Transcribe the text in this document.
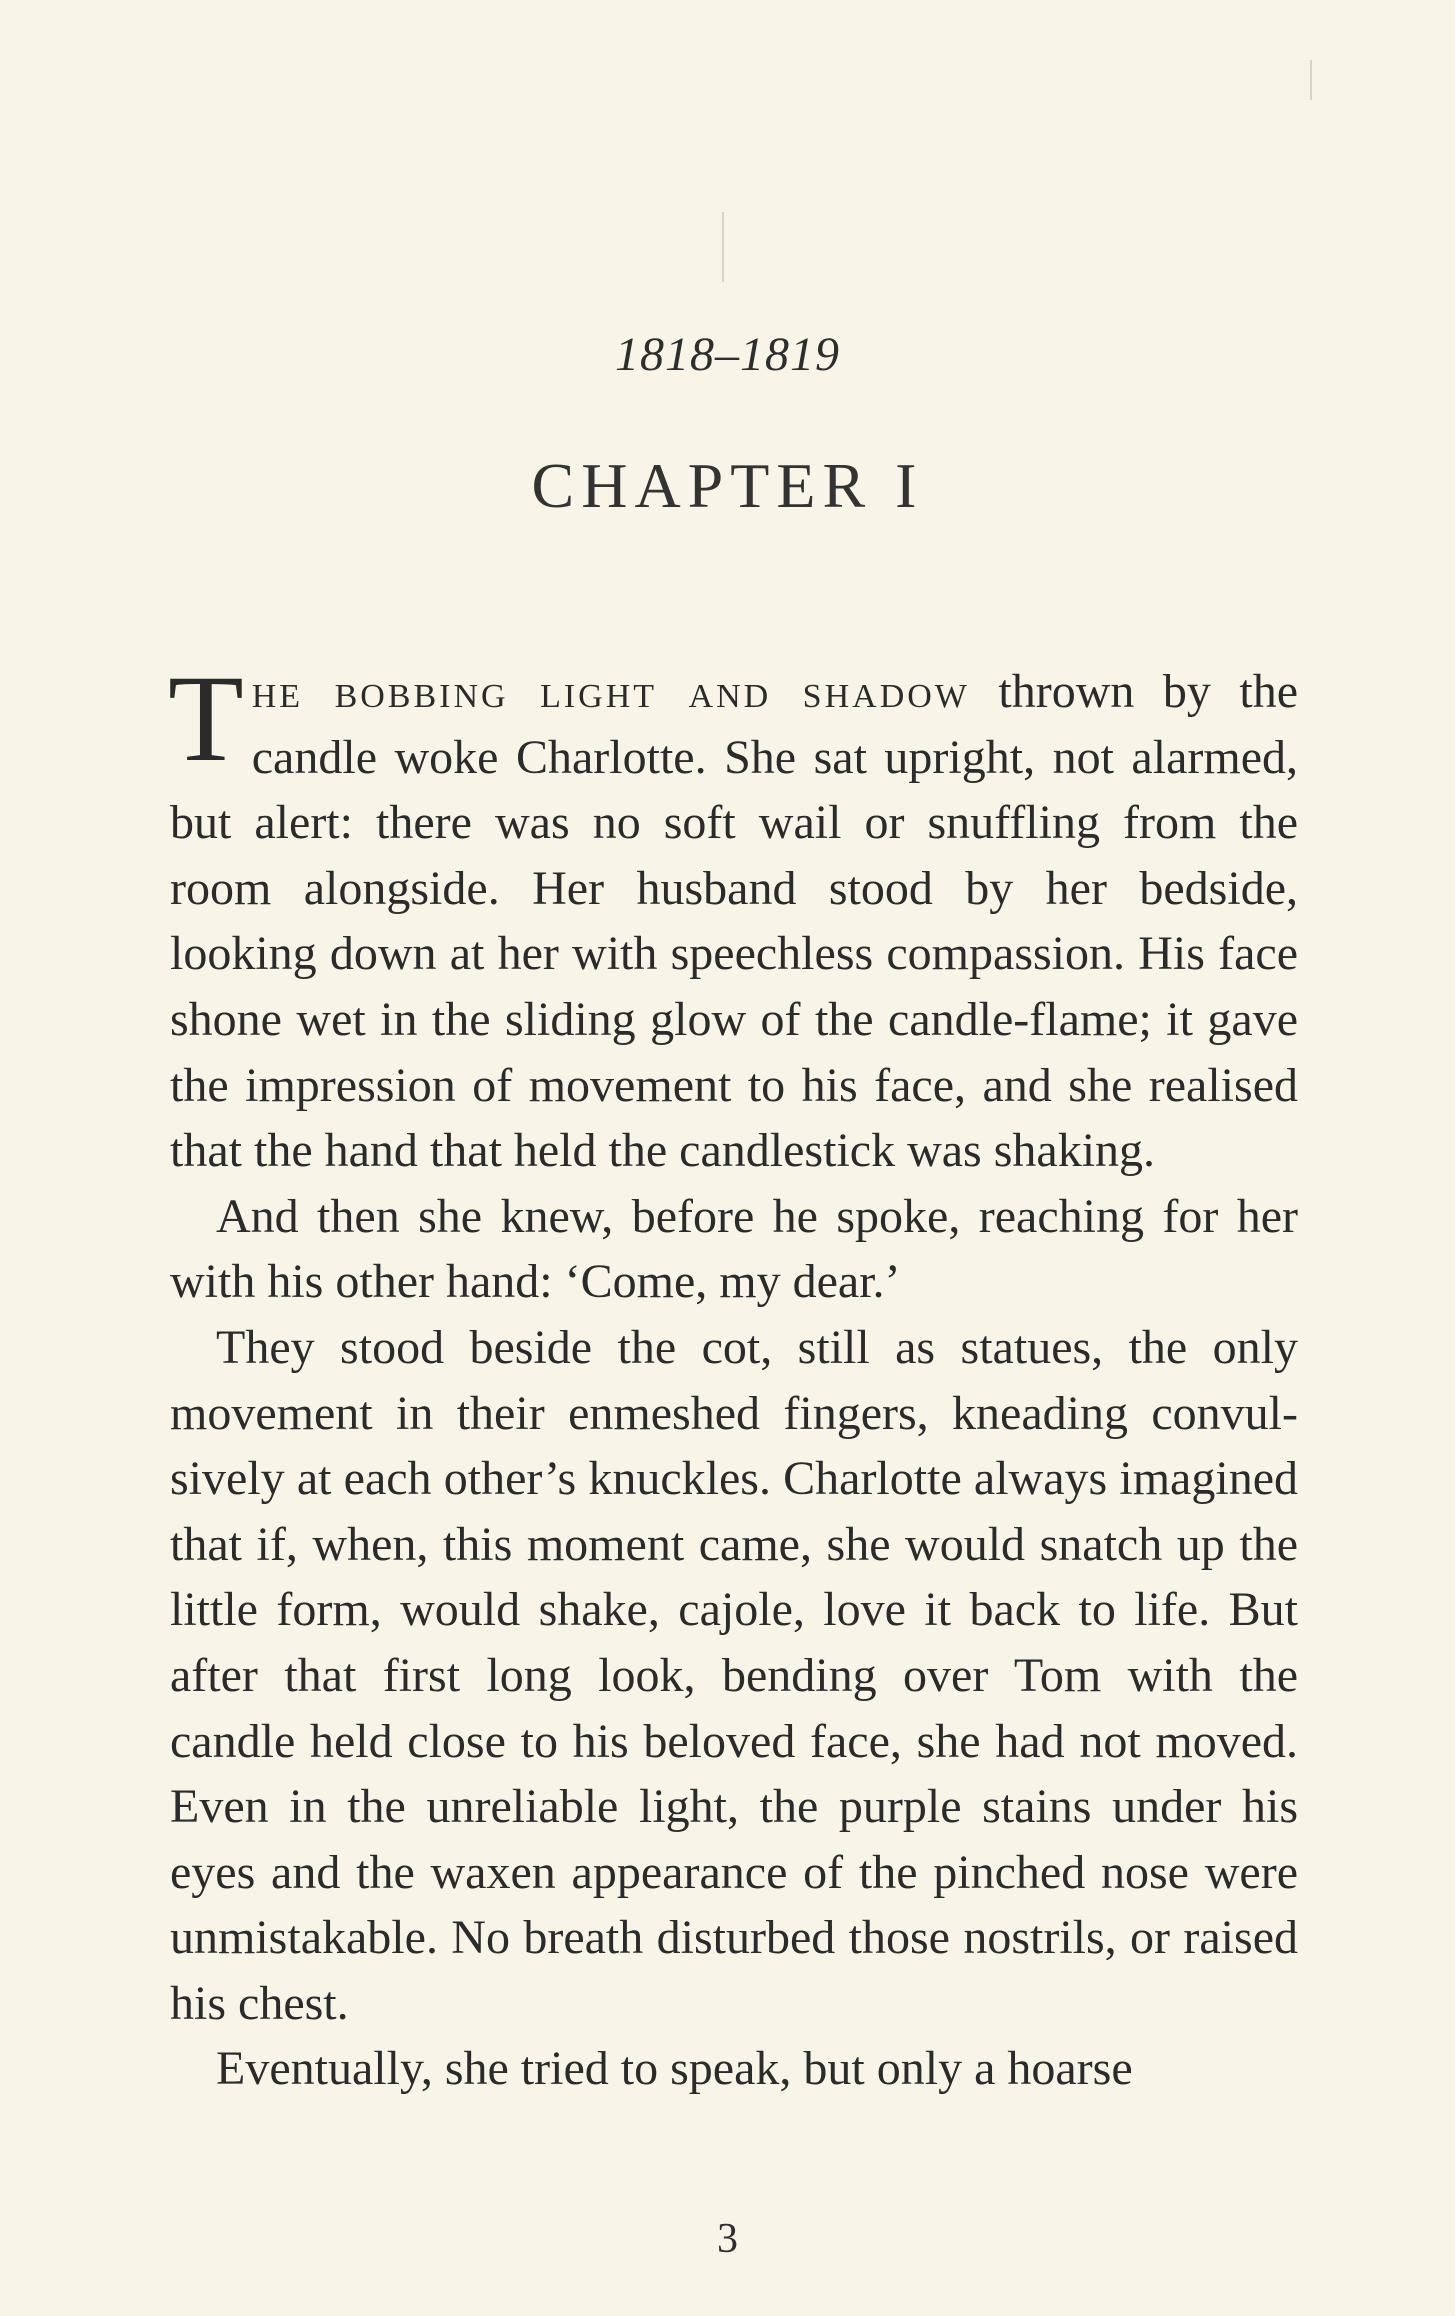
1818–1819
CHAPTER I

The bobbing light and shadow thrown by the candle woke Charlotte. She sat upright, not alarmed, but alert: there was no soft wail or snuffling from the room alongside. Her husband stood by her bedside, looking down at her with speechless compassion. His face shone wet in the sliding glow of the candle-flame; it gave the impression of movement to his face, and she realised that the hand that held the candlestick was shaking.

And then she knew, before he spoke, reaching for her with his other hand: ‘Come, my dear.’

They stood beside the cot, still as statues, the only movement in their enmeshed fingers, kneading convulsively at each other’s knuckles. Charlotte always imagined that if, when, this moment came, she would snatch up the little form, would shake, cajole, love it back to life. But after that first long look, bending over Tom with the candle held close to his beloved face, she had not moved. Even in the unreliable light, the purple stains under his eyes and the waxen appearance of the pinched nose were unmistakable. No breath disturbed those nostrils, or raised his chest.

Eventually, she tried to speak, but only a hoarse

3
